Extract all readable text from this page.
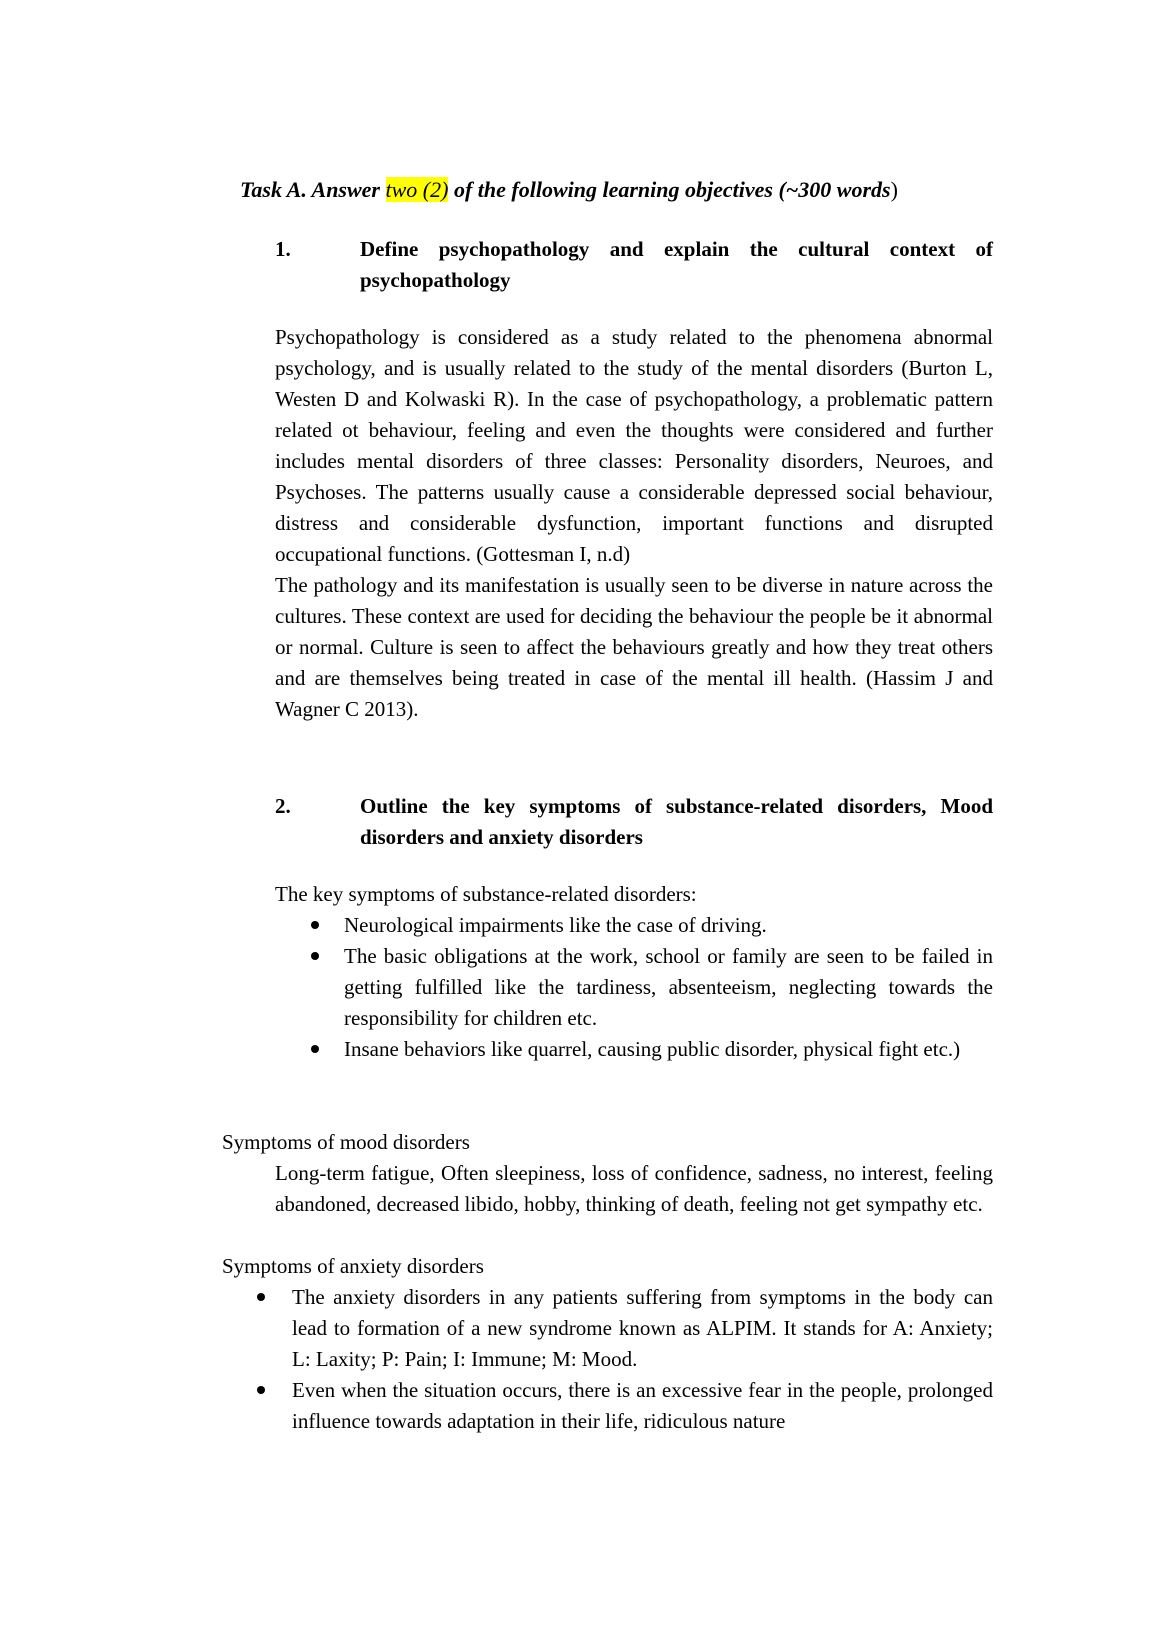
Task A. Answer two (2) of the following learning objectives (~300 words)
1.	Define psychopathology and explain the cultural context of psychopathology

Psychopathology is considered as a study related to the phenomena abnormal psychology, and is usually related to the study of the mental disorders (Burton L, Westen D and Kolwaski R). In the case of psychopathology, a problematic pattern related ot behaviour, feeling and even the thoughts were considered and further includes mental disorders of three classes: Personality disorders, Neuroes, and Psychoses. The patterns usually cause a considerable depressed social behaviour, distress and considerable dysfunction, important functions and disrupted occupational functions. (Gottesman I, n.d)

The pathology and its manifestation is usually seen to be diverse in nature across the cultures. These context are used for deciding the behaviour the people be it abnormal or normal. Culture is seen to affect the behaviours greatly and how they treat others and are themselves being treated in case of the mental ill health. (Hassim J and Wagner C 2013).

2.	Outline the key symptoms of substance-related disorders, Mood disorders and anxiety disorders
The key symptoms of substance-related disorders:
Neurological impairments like the case of driving.
The basic obligations at the work, school or family are seen to be failed in getting fulfilled like the tardiness, absenteeism, neglecting towards the responsibility for children etc.
Insane behaviors like quarrel, causing public disorder, physical fight etc.)
Symptoms of mood disorders
Long-term fatigue, Often sleepiness, loss of confidence, sadness, no interest, feeling abandoned, decreased libido, hobby, thinking of death, feeling not get sympathy etc.
Symptoms of anxiety disorders
The anxiety disorders in any patients suffering from symptoms in the body can lead to formation of a new syndrome known as ALPIM. It stands for A: Anxiety; L: Laxity; P: Pain; I: Immune; M: Mood.
Even when the situation occurs, there is an excessive fear in the people, prolonged influence towards adaptation in their life, ridiculous nature
